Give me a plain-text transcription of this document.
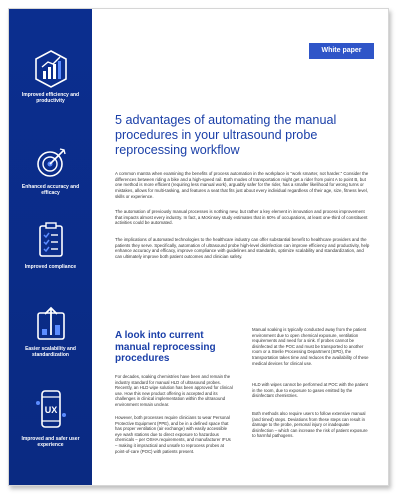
Improved efficiency and productivity
Enhanced accuracy and efficacy
Improved compliance
Easier scalability and standardization
UX
Improved and safer user experience
White paper
5 advantages of automating the manual procedures in your ultrasound probe reprocessing workflow

A common mantra when examining the benefits of process automation in the workplace is "work smarter, not harder." Consider the differences between riding a bike and a high-speed rail. Both modes of transportation might get a rider from point A to point B, but one method is more efficient (requiring less manual work), arguably safer for the rider, has a smaller likelihood for wrong turns or mistakes, allows for multi-tasking, and features a seat that fits just about every individual regardless of their age, size, fitness level, skills or experience.

The automation of previously manual processes is nothing new, but rather a key element in innovation and process improvement that impacts almost every industry. In fact, a McKinsey study estimates that in 60% of occupations, at least one-third of constituent activities could be automated.

The implications of automated technologies to the healthcare industry can offer substantial benefit to healthcare providers and the patients they serve. Specifically, automation of ultrasound probe high-level disinfection can improve efficiency and productivity, help enhance accuracy and efficacy, improve compliance with guidelines and standards, optimize scalability and standardization, and can ultimately improve both patient outcomes and clinician safety.

A look into current manual reprocessing procedures

For decades, soaking chemistries have been and remain the industry standard for manual HLD of ultrasound probes. Recently, an HLD wipe solution has been approved for clinical use. How this new product offering is accepted and its challenges in clinical implementation within the ultrasound environment remain unclear.

However, both processes require clinicians to wear Personal Protective Equipment (PPE), and be in a defined space that has proper ventilation (air exchange) with easily accessible eye wash stations due to direct exposure to hazardous chemicals – per OSHA requirements, and manufacturer IFUs – making it impractical and unsafe to reprocess probes at point-of-care (POC) with patients present.

Manual soaking is typically conducted away from the patient environment due to open chemical exposure, ventilation requirements and need for a sink. If probes cannot be disinfected at the POC and must be transported to another room or a Sterile Processing Department (SPD), the transportation takes time and reduces the availability of these medical devices for clinical use.

HLD with wipes cannot be performed at POC with the patient in the room, due to exposure to gases emitted by the disinfectant chemistries.

Both methods also require users to follow extensive manual (and timed) steps. Deviations from these steps can result in damage to the probe, personal injury or inadequate disinfection – which can increase the risk of patient exposure to harmful pathogens.
